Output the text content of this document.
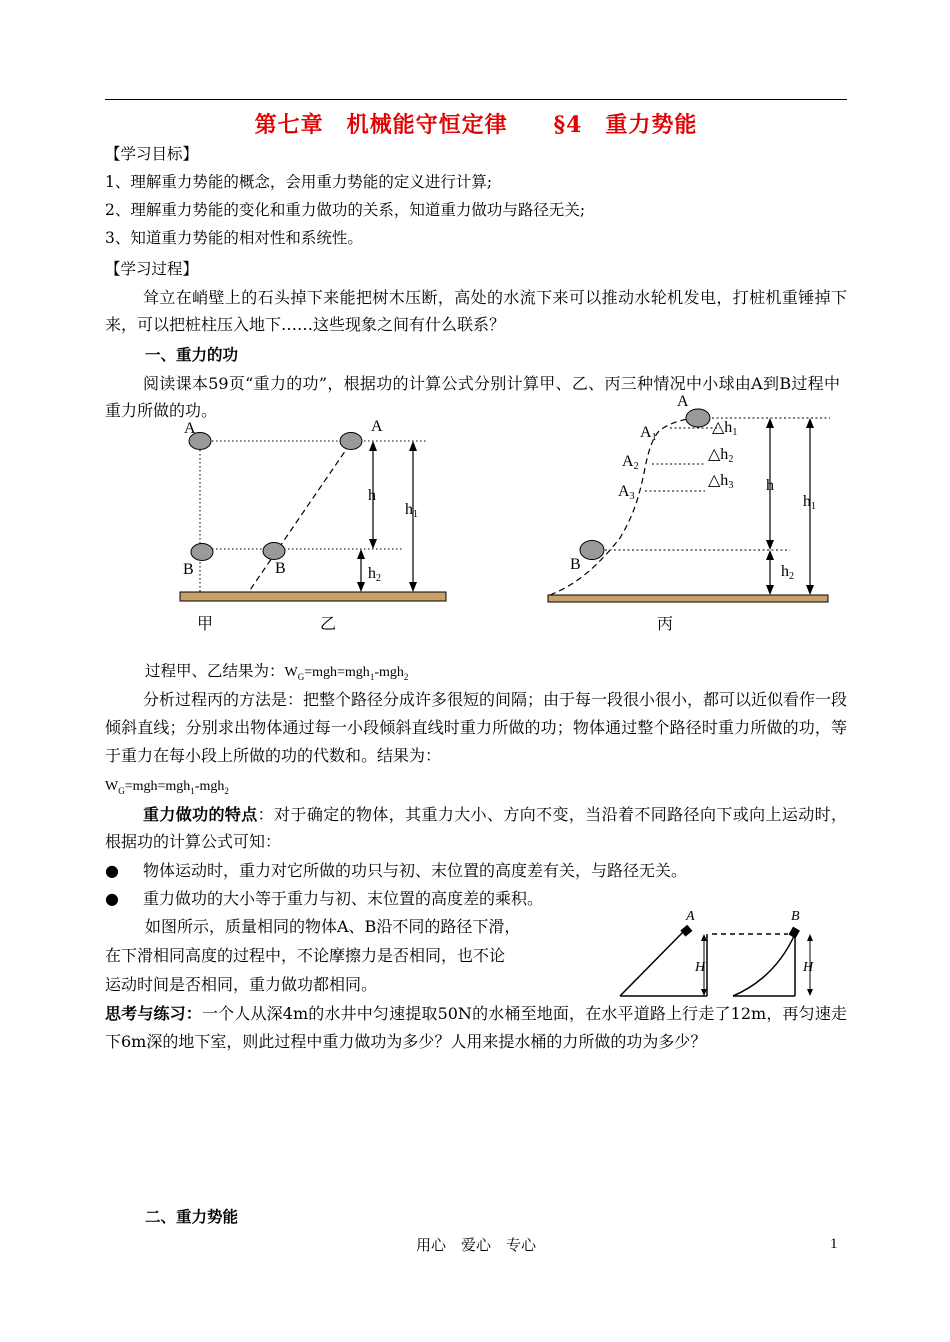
第七章　机械能守恒定律　　§4　重力势能
【学习目标】
1、理解重力势能的概念，会用重力势能的定义进行计算;
2、理解重力势能的变化和重力做功的关系，知道重力做功与路径无关;
3、知道重力势能的相对性和系统性。
【学习过程】
耸立在峭壁上的石头掉下来能把树木压断，高处的水流下来可以推动水轮机发电，打桩机重锤掉下来，可以把桩柱压入地下……这些现象之间有什么联系？
一、重力的功
阅读课本59页“重力的功”，根据功的计算公式分别计算甲、乙、丙三种情况中小球由A到B过程中重力所做的功。
A	A
B	B
h
h1
h2
甲	乙
A
A1
A2
A3
△h1
△h2
△h3 h
h1
h2
B
丙
过程甲、乙结果为：$W_G=mgh=mgh_1-mgh_2$
分析过程丙的方法是：把整个路径分成许多很短的间隔；由于每一段很小很小，都可以近似看作一段倾斜直线；分别求出物体通过每一小段倾斜直线时重力所做的功；物体通过整个路径时重力所做的功，等于重力在每小段上所做的功的代数和。结果为：
$W_G=mgh=mgh_1-mgh_2$
重力做功的特点：对于确定的物体，其重力大小、方向不变，当沿着不同路径向下或向上运动时，根据功的计算公式可知：
● 物体运动时，重力对它所做的功只与初、末位置的高度差有关，与路径无关。
● 重力做功的大小等于重力与初、末位置的高度差的乘积。
如图所示，质量相同的物体A、B沿不同的路径下滑，
在下滑相同高度的过程中，不论摩擦力是否相同，也不论
运动时间是否相同，重力做功都相同。
A	B
H	H
思考与练习：一个人从深4m的水井中匀速提取50N的水桶至地面，在水平道路上行走了12m，再匀速走下6m深的地下室，则此过程中重力做功为多少？人用来提水桶的力所做的功为多少？
二、重力势能
用心　爱心　专心	1
